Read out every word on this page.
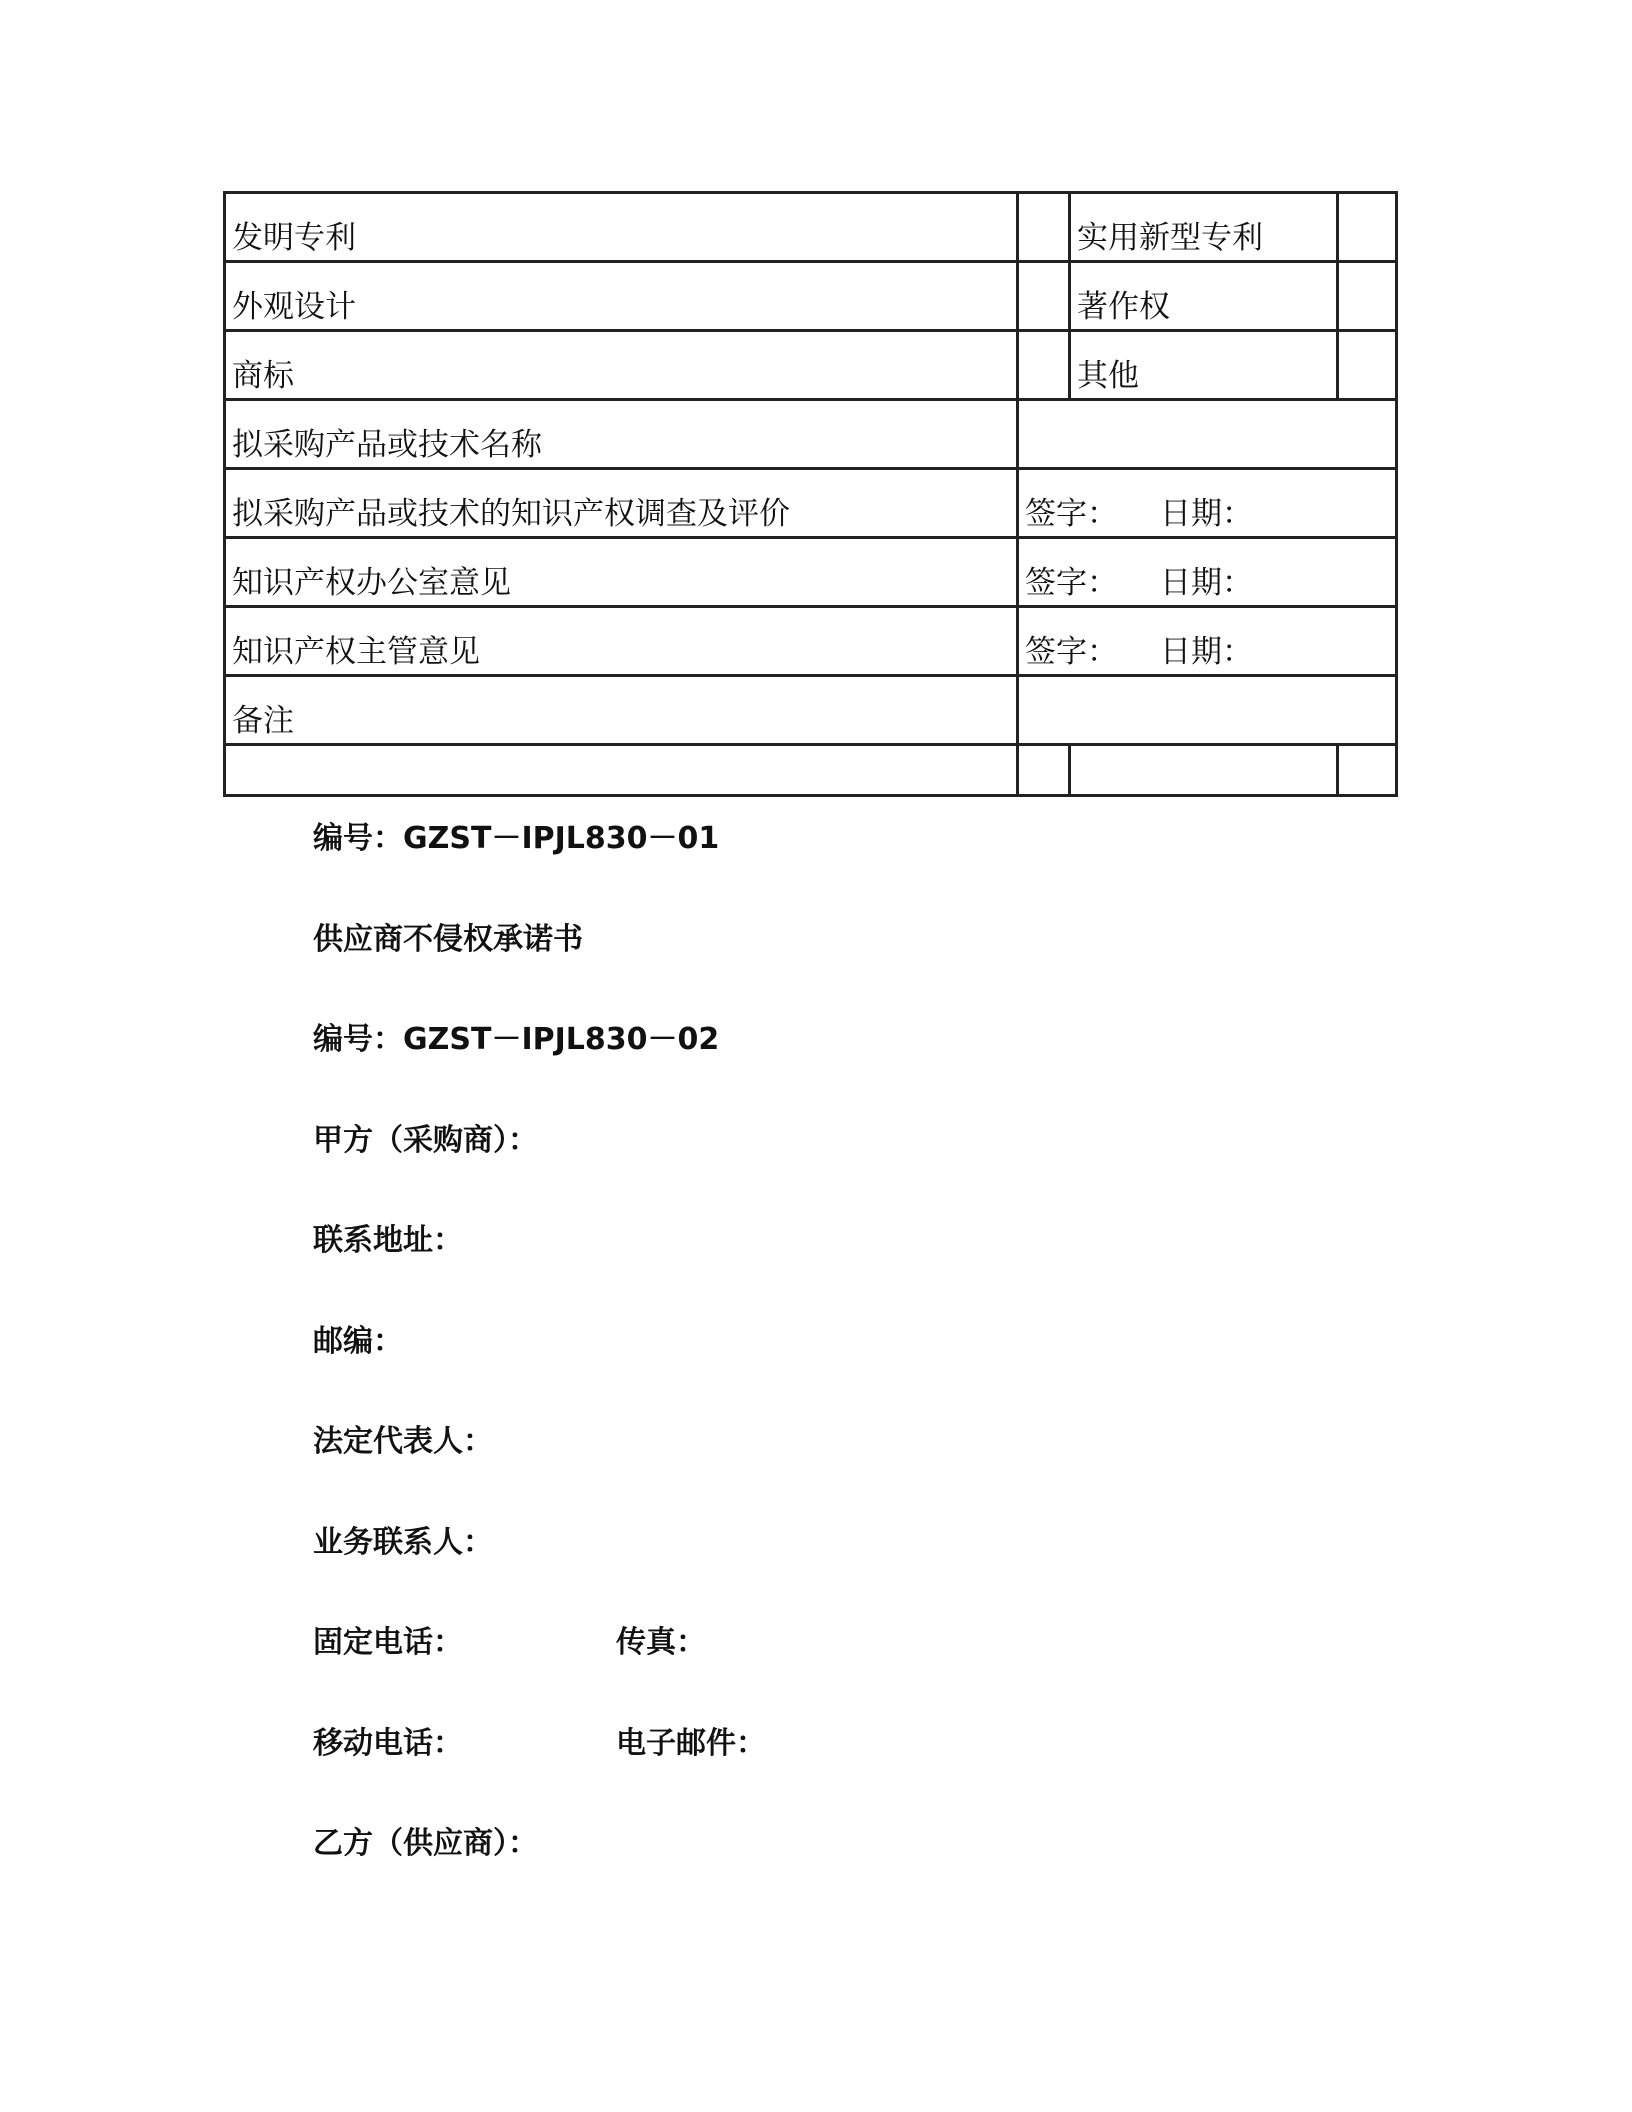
发明专利		实用新型专利	
外观设计		著作权	
商标		其他	
拟采购产品或技术名称			
拟采购产品或技术的知识产权调查及评价	签字： 日期：		
知识产权办公室意见	签字： 日期：		
知识产权主管意见	签字： 日期：		
备注			

编号：GZST－IPJL830－01
供应商不侵权承诺书
编号：GZST－IPJL830－02
甲方（采购商）：
联系地址：
邮编：
法定代表人：
业务联系人：
固定电话：	传真：
移动电话：	电子邮件：
乙方（供应商）：
